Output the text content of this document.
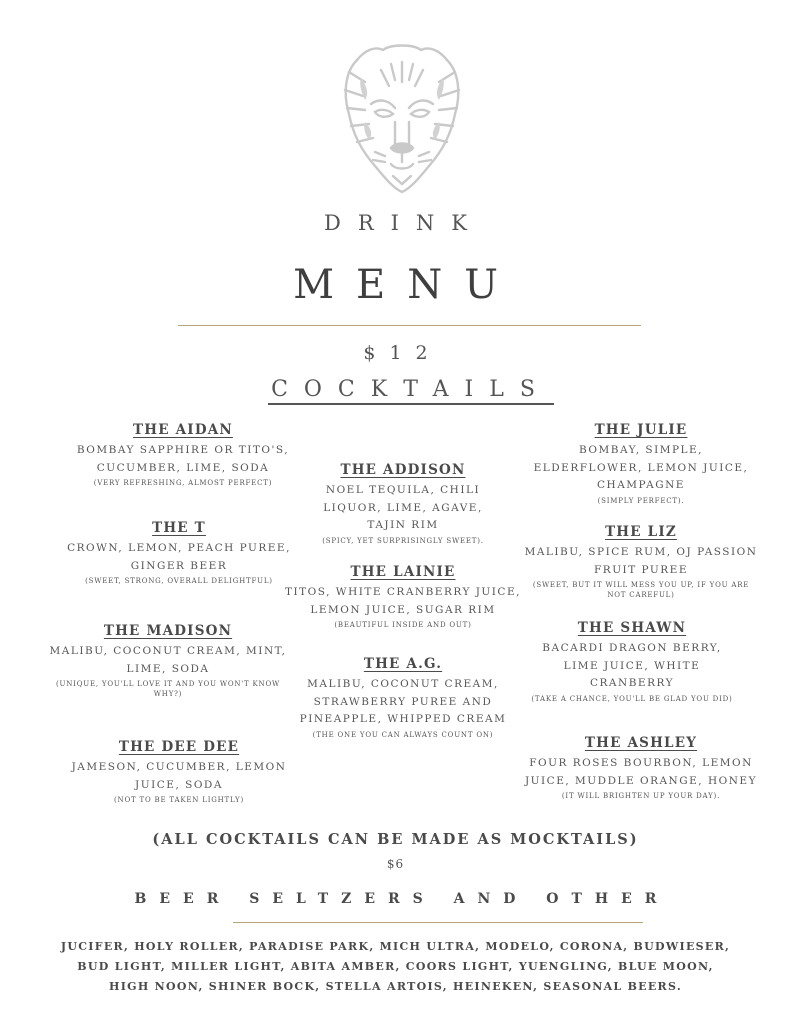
DRINK
MENU
$12
COCKTAILS
THE AIDAN
BOMBAY SAPPHIRE OR TITO'S, CUCUMBER, LIME, SODA
(VERY REFRESHING, ALMOST PERFECT)
THE T
CROWN, LEMON, PEACH PUREE, GINGER BEER
(SWEET, STRONG, OVERALL DELIGHTFUL)
THE MADISON
MALIBU, COCONUT CREAM, MINT, LIME, SODA
(UNIQUE, YOU'LL LOVE IT AND YOU WON'T KNOW WHY?)
THE DEE DEE
JAMESON, CUCUMBER, LEMON JUICE, SODA
(NOT TO BE TAKEN LIGHTLY)
THE ADDISON
NOEL TEQUILA, CHILI LIQUOR, LIME, AGAVE, TAJIN RIM
(SPICY, YET SURPRISINGLY SWEET).
THE LAINIE
TITOS, WHITE CRANBERRY JUICE, LEMON JUICE, SUGAR RIM
(BEAUTIFUL INSIDE AND OUT)
THE A.G.
MALIBU, COCONUT CREAM, STRAWBERRY PUREE AND PINEAPPLE, WHIPPED CREAM
(THE ONE YOU CAN ALWAYS COUNT ON)
THE JULIE
BOMBAY, SIMPLE, ELDERFLOWER, LEMON JUICE, CHAMPAGNE
(SIMPLY PERFECT).
THE LIZ
MALIBU, SPICE RUM, OJ PASSION FRUIT PUREE
(SWEET, BUT IT WILL MESS YOU UP, IF YOU ARE NOT CAREFUL)
THE SHAWN
BACARDI DRAGON BERRY, LIME JUICE, WHITE CRANBERRY
(TAKE A CHANCE, YOU'LL BE GLAD YOU DID)
THE ASHLEY
FOUR ROSES BOURBON, LEMON JUICE, MUDDLE ORANGE, HONEY
(IT WILL BRIGHTEN UP YOUR DAY).
(ALL COCKTAILS CAN BE MADE AS MOCKTAILS)
$6
BEER SELTZERS AND OTHER
JUCIFER, HOLY ROLLER, PARADISE PARK, MICH ULTRA, MODELO, CORONA, BUDWIESER, BUD LIGHT, MILLER LIGHT, ABITA AMBER, COORS LIGHT, YUENGLING, BLUE MOON, HIGH NOON, SHINER BOCK, STELLA ARTOIS, HEINEKEN, SEASONAL BEERS.
